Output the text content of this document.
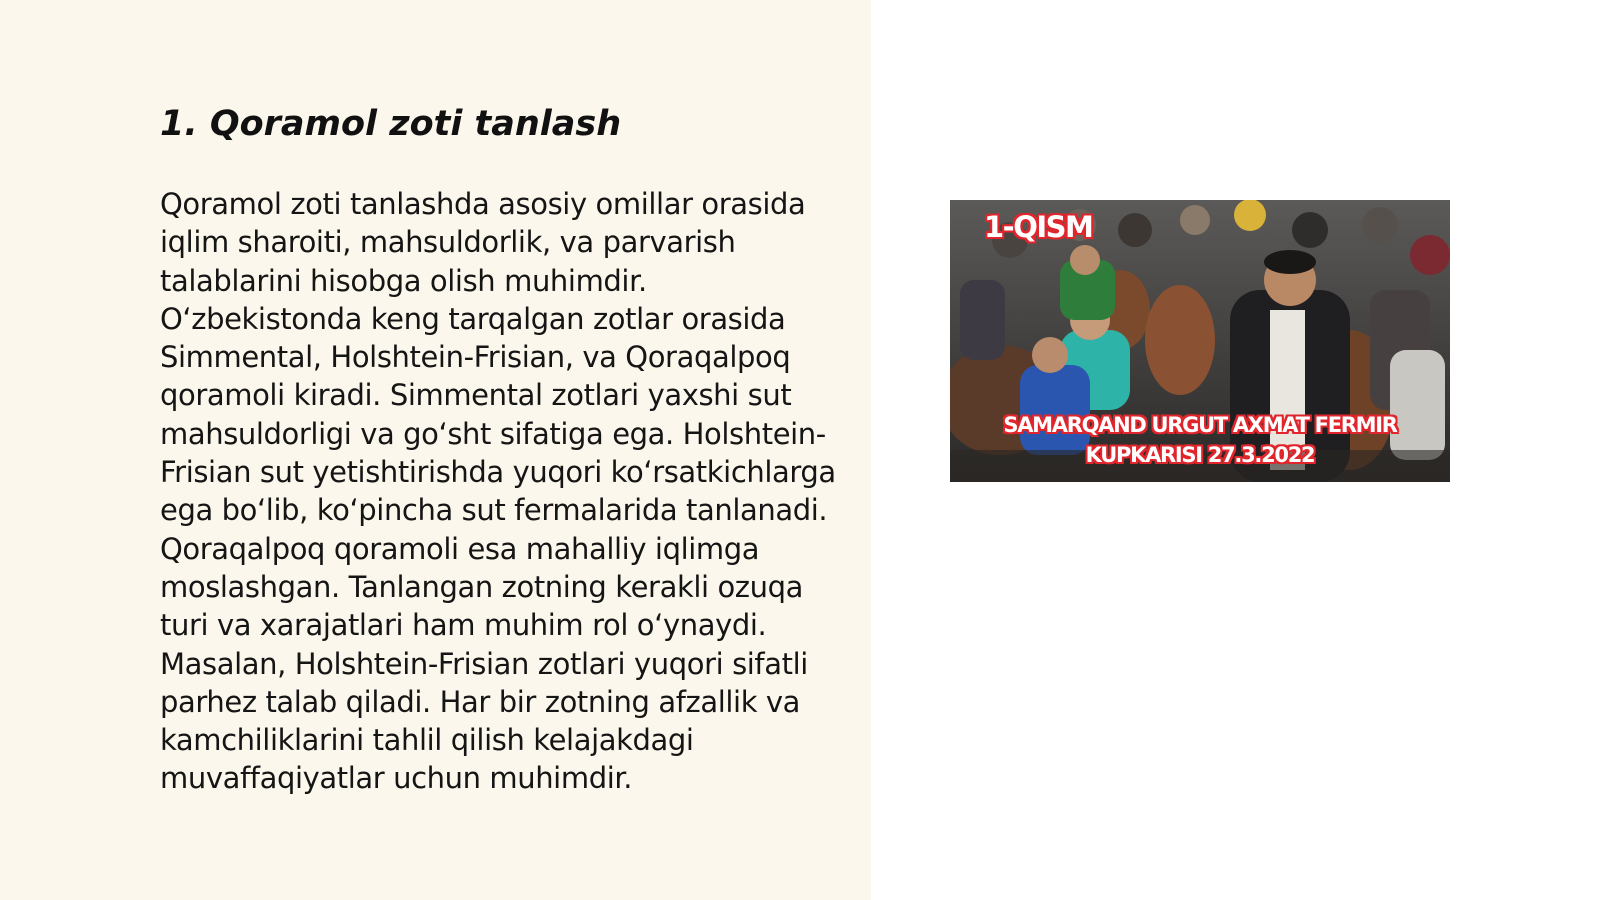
1. Qoramol zoti tanlash

Qoramol zoti tanlashda asosiy omillar orasida iqlim sharoiti, mahsuldorlik, va parvarish talablarini hisobga olish muhimdir. O‘zbekistonda keng tarqalgan zotlar orasida Simmental, Holshtein-Frisian, va Qoraqalpoq qoramoli kiradi. Simmental zotlari yaxshi sut mahsuldorligi va go‘sht sifatiga ega. Holshtein-Frisian sut yetishtirishda yuqori ko‘rsatkichlarga ega bo‘lib, ko‘pincha sut fermalarida tanlanadi. Qoraqalpoq qoramoli esa mahalliy iqlimga moslashgan. Tanlangan zotning kerakli ozuqa turi va xarajatlari ham muhim rol o‘ynaydi. Masalan, Holshtein-Frisian zotlari yuqori sifatli parhez talab qiladi. Har bir zotning afzallik va kamchiliklarini tahlil qilish kelajakdagi muvaffaqiyatlar uchun muhimdir.

1-QISM
SAMARQAND URGUT AXMAT FERMIR
KUPKARISI 27.3.2022
